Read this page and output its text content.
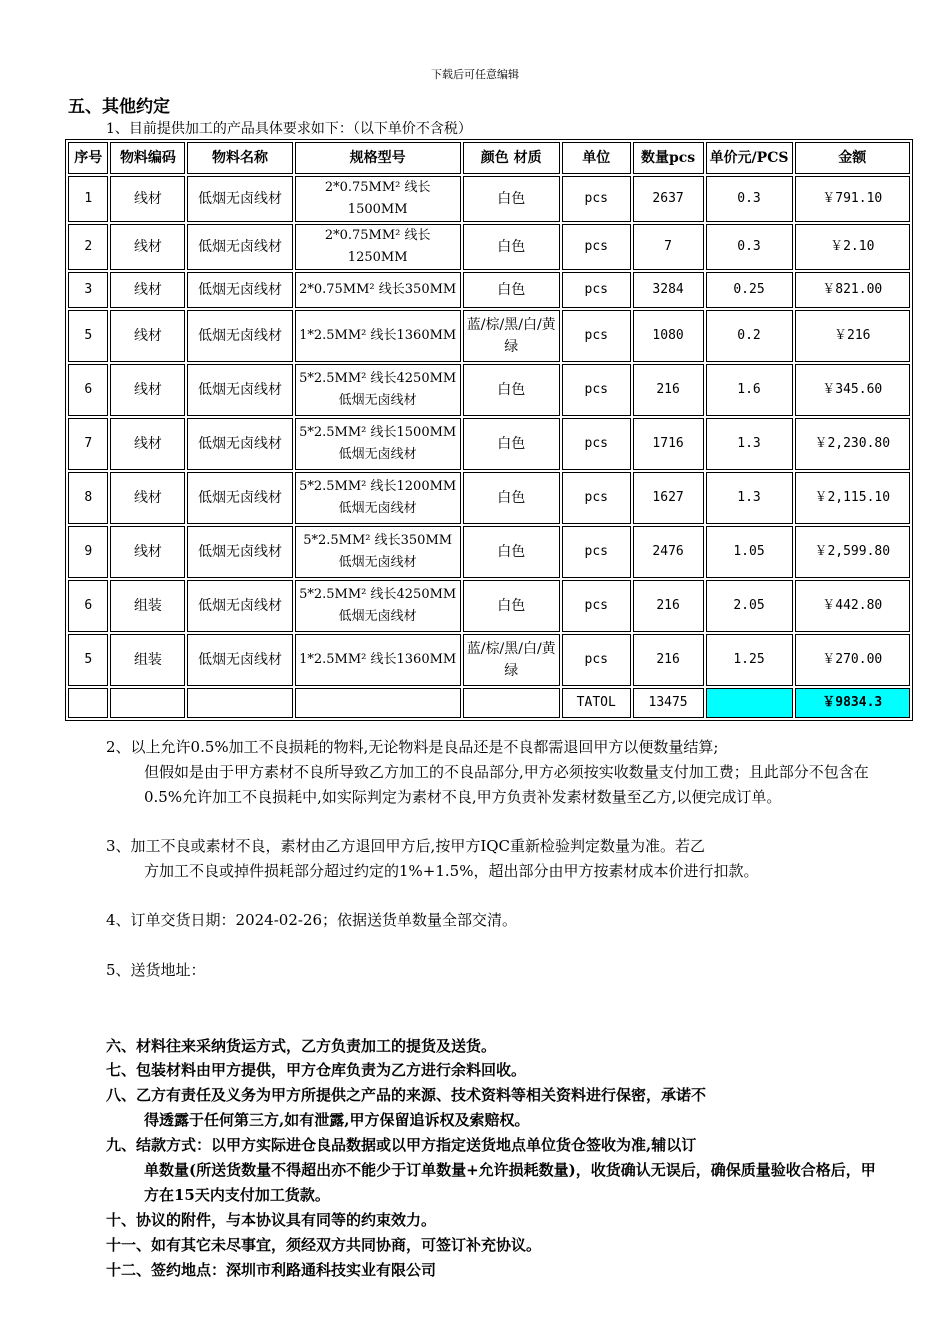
下载后可任意编辑
五、其他约定
1、目前提供加工的产品具体要求如下：（以下单价不含税）
序号	物料编码	物料名称	规格型号	颜色 材质	单位	数量pcs	单价元/PCS	金额
1	线材	低烟无卤线材	2*0.75MM² 线长1500MM	白色	pcs	2637	0.3	￥791.10
2	线材	低烟无卤线材	2*0.75MM² 线长1250MM	白色	pcs	7	0.3	￥2.10
3	线材	低烟无卤线材	2*0.75MM² 线长350MM	白色	pcs	3284	0.25	￥821.00
5	线材	低烟无卤线材	1*2.5MM² 线长1360MM	蓝/棕/黑/白/黄绿	pcs	1080	0.2	￥216
6	线材	低烟无卤线材	5*2.5MM² 线长4250MM
低烟无卤线材	白色	pcs	216	1.6	￥345.60
7	线材	低烟无卤线材	5*2.5MM² 线长1500MM
低烟无卤线材	白色	pcs	1716	1.3	￥2,230.80
8	线材	低烟无卤线材	5*2.5MM² 线长1200MM
低烟无卤线材	白色	pcs	1627	1.3	￥2,115.10
9	线材	低烟无卤线材	5*2.5MM² 线长350MM
低烟无卤线材	白色	pcs	2476	1.05	￥2,599.80
6	组装	低烟无卤线材	5*2.5MM² 线长4250MM
低烟无卤线材	白色	pcs	216	2.05	￥442.80
5	组装	低烟无卤线材	1*2.5MM² 线长1360MM	蓝/棕/黑/白/黄绿	pcs	216	1.25	￥270.00
					TATOL	13475		￥9834.3
2、以上允许0.5%加工不良损耗的物料,无论物料是良品还是不良都需退回甲方以便数量结算;
但假如是由于甲方素材不良所导致乙方加工的不良品部分,甲方必须按实收数量支付加工费；且此部分不包含在0.5%允许加工不良损耗中,如实际判定为素材不良,甲方负责补发素材数量至乙方,以便完成订单。
3、加工不良或素材不良，素材由乙方退回甲方后,按甲方IQC重新检验判定数量为准。若乙
方加工不良或掉件损耗部分超过约定的1%+1.5%，超出部分由甲方按素材成本价进行扣款。
4、订单交货日期：2024-02-26；依据送货单数量全部交清。
5、送货地址：
六、材料往来采纳货运方式，乙方负责加工的提货及送货。
七、包装材料由甲方提供，甲方仓库负责为乙方进行余料回收。
八、乙方有责任及义务为甲方所提供之产品的来源、技术资料等相关资料进行保密，承诺不
得透露于任何第三方,如有泄露,甲方保留追诉权及索赔权。
九、结款方式：以甲方实际进仓良品数据或以甲方指定送货地点单位货仓签收为准,辅以订
单数量(所送货数量不得超出亦不能少于订单数量+允许损耗数量)，收货确认无误后，确保质量验收合格后，甲方在15天内支付加工货款。
十、协议的附件，与本协议具有同等的约束效力。
十一、如有其它未尽事宜，须经双方共同协商，可签订补充协议。
十二、签约地点：深圳市利路通科技实业有限公司
